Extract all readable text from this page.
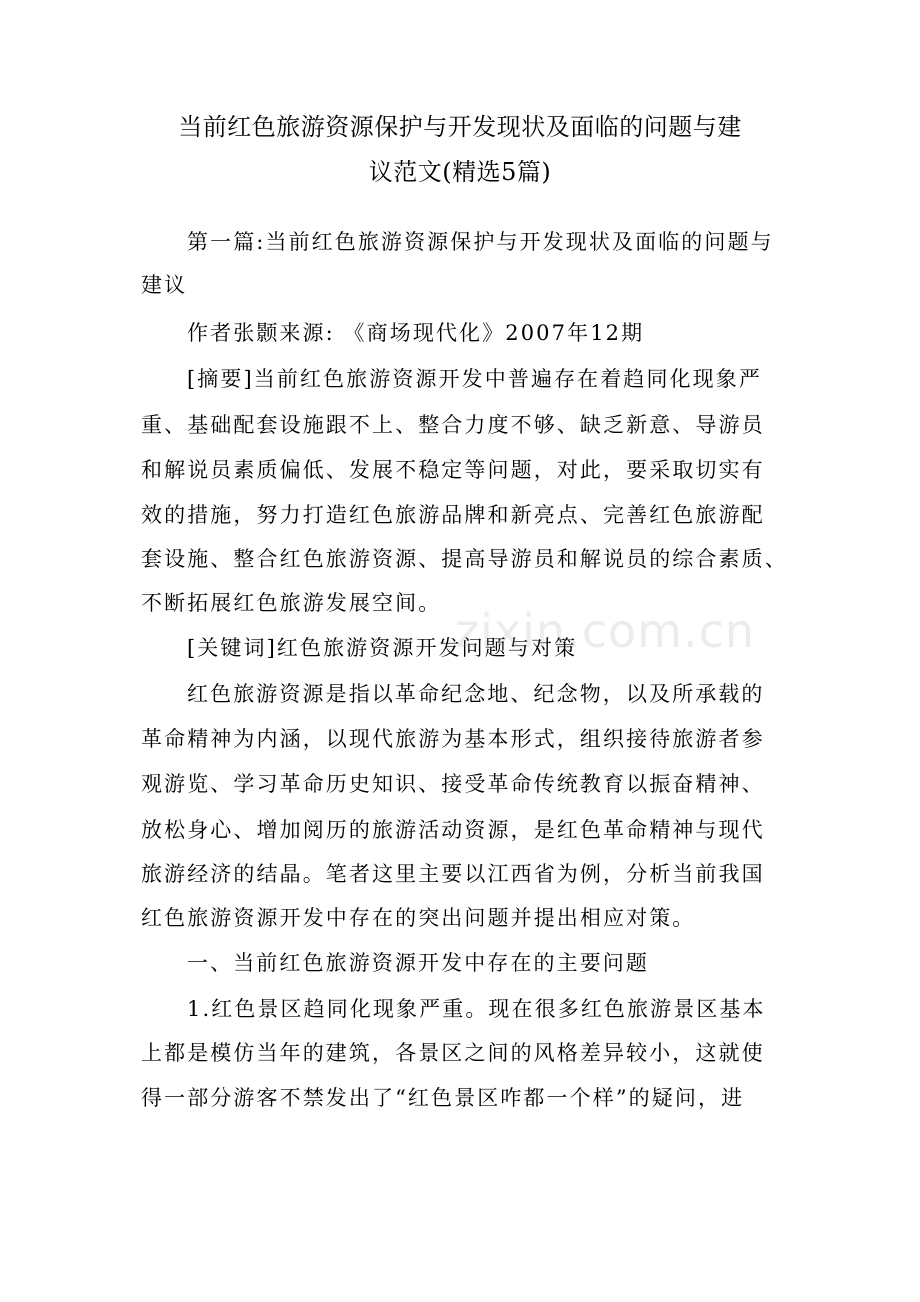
当前红色旅游资源保护与开发现状及面临的问题与建
议范文(精选5篇)
第一篇:当前红色旅游资源保护与开发现状及面临的问题与
建议
作者张颢来源: 《商场现代化》2007年12期
[摘要]当前红色旅游资源开发中普遍存在着趋同化现象严
重、基础配套设施跟不上、整合力度不够、缺乏新意、导游员
和解说员素质偏低、发展不稳定等问题，对此，要采取切实有
效的措施，努力打造红色旅游品牌和新亮点、完善红色旅游配
套设施、整合红色旅游资源、提高导游员和解说员的综合素质、
不断拓展红色旅游发展空间。
[关键词]红色旅游资源开发问题与对策
红色旅游资源是指以革命纪念地、纪念物，以及所承载的
革命精神为内涵，以现代旅游为基本形式，组织接待旅游者参
观游览、学习革命历史知识、接受革命传统教育以振奋精神、
放松身心、增加阅历的旅游活动资源，是红色革命精神与现代
旅游经济的结晶。笔者这里主要以江西省为例，分析当前我国
红色旅游资源开发中存在的突出问题并提出相应对策。
一、当前红色旅游资源开发中存在的主要问题
1.红色景区趋同化现象严重。现在很多红色旅游景区基本
上都是模仿当年的建筑，各景区之间的风格差异较小，这就使
得一部分游客不禁发出了“红色景区咋都一个样”的疑问，进
zixin.com.cn
